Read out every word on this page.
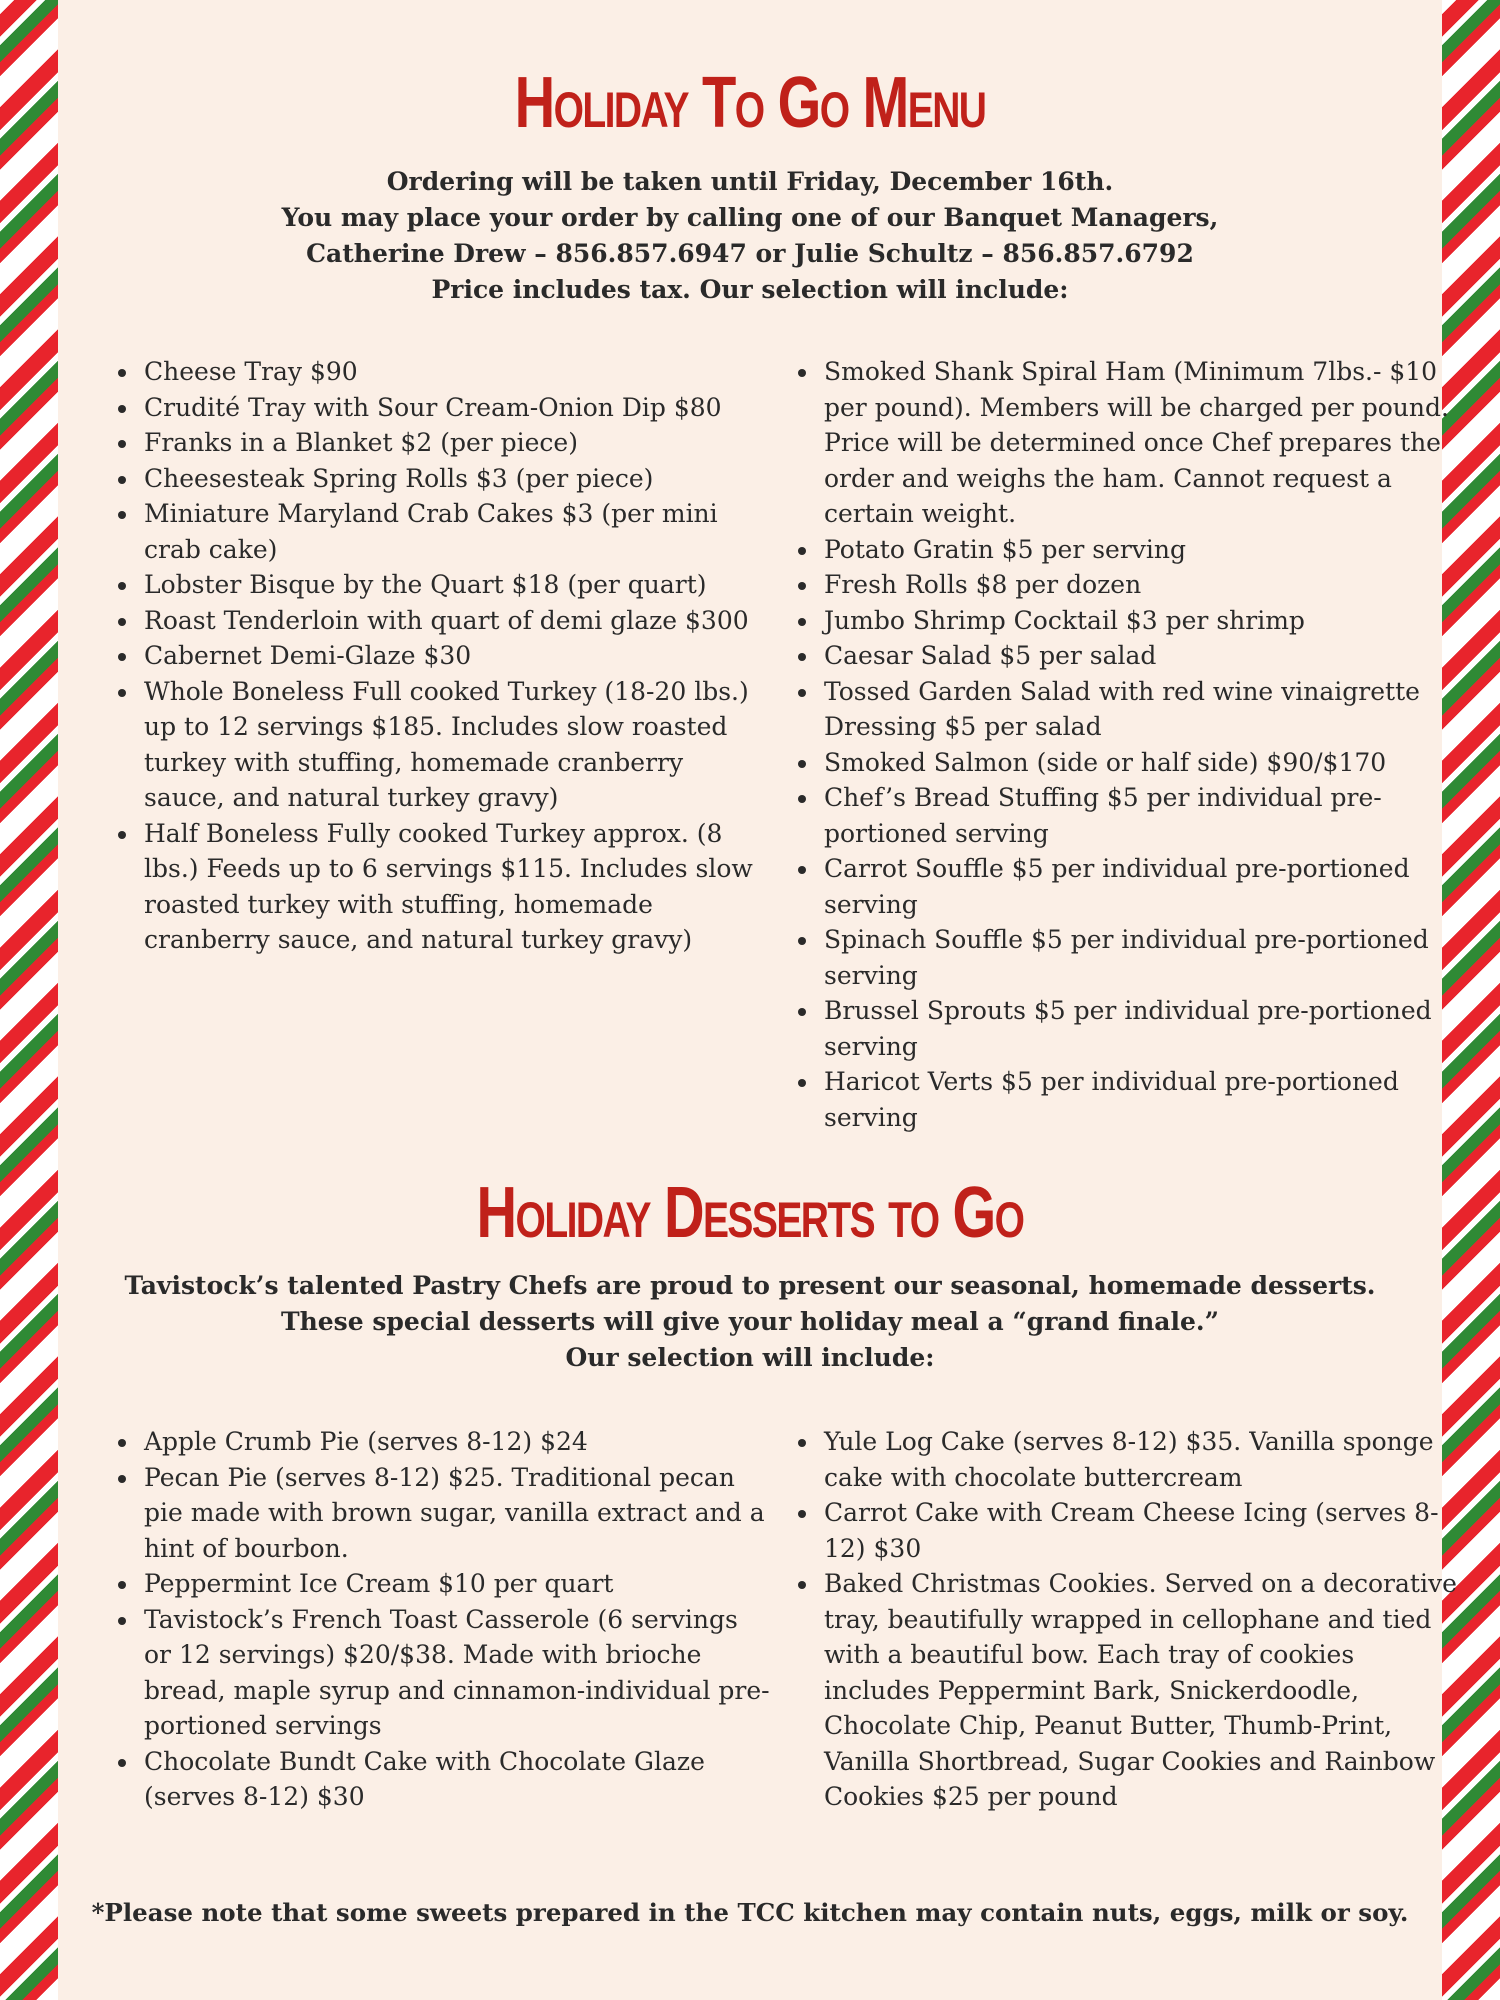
Holiday To Go Menu
Ordering will be taken until Friday, December 16th.
You may place your order by calling one of our Banquet Managers,
Catherine Drew – 856.857.6947 or Julie Schultz – 856.857.6792
Price includes tax. Our selection will include:
• Cheese Tray $90
• Crudité Tray with Sour Cream-Onion Dip $80
• Franks in a Blanket $2 (per piece)
• Cheesesteak Spring Rolls $3 (per piece)
• Miniature Maryland Crab Cakes $3 (per mini crab cake)
• Lobster Bisque by the Quart $18 (per quart)
• Roast Tenderloin with quart of demi glaze $300
• Cabernet Demi-Glaze $30
• Whole Boneless Full cooked Turkey (18-20 lbs.) up to 12 servings $185. Includes slow roasted turkey with stuffing, homemade cranberry sauce, and natural turkey gravy)
• Half Boneless Fully cooked Turkey approx. (8 lbs.) Feeds up to 6 servings $115. Includes slow roasted turkey with stuffing, homemade cranberry sauce, and natural turkey gravy)
• Smoked Shank Spiral Ham (Minimum 7lbs.- $10 per pound). Members will be charged per pound. Price will be determined once Chef prepares the order and weighs the ham. Cannot request a certain weight.
• Potato Gratin $5 per serving
• Fresh Rolls $8 per dozen
• Jumbo Shrimp Cocktail $3 per shrimp
• Caesar Salad $5 per salad
• Tossed Garden Salad with red wine vinaigrette Dressing $5 per salad
• Smoked Salmon (side or half side) $90/$170
• Chef’s Bread Stuffing $5 per individual pre-portioned serving
• Carrot Souffle $5 per individual pre-portioned serving
• Spinach Souffle $5 per individual pre-portioned serving
• Brussel Sprouts $5 per individual pre-portioned serving
• Haricot Verts $5 per individual pre-portioned serving
Holiday Desserts to Go
Tavistock’s talented Pastry Chefs are proud to present our seasonal, homemade desserts.
These special desserts will give your holiday meal a “grand finale.”
Our selection will include:
• Apple Crumb Pie (serves 8-12) $24
• Pecan Pie (serves 8-12) $25. Traditional pecan pie made with brown sugar, vanilla extract and a hint of bourbon.
• Peppermint Ice Cream $10 per quart
• Tavistock’s French Toast Casserole (6 servings or 12 servings) $20/$38. Made with brioche bread, maple syrup and cinnamon-individual pre-portioned servings
• Chocolate Bundt Cake with Chocolate Glaze (serves 8-12) $30
• Yule Log Cake (serves 8-12) $35. Vanilla sponge cake with chocolate buttercream
• Carrot Cake with Cream Cheese Icing (serves 8-12) $30
• Baked Christmas Cookies. Served on a decorative tray, beautifully wrapped in cellophane and tied with a beautiful bow. Each tray of cookies includes Peppermint Bark, Snickerdoodle, Chocolate Chip, Peanut Butter, Thumb-Print, Vanilla Shortbread, Sugar Cookies and Rainbow Cookies $25 per pound
*Please note that some sweets prepared in the TCC kitchen may contain nuts, eggs, milk or soy.
